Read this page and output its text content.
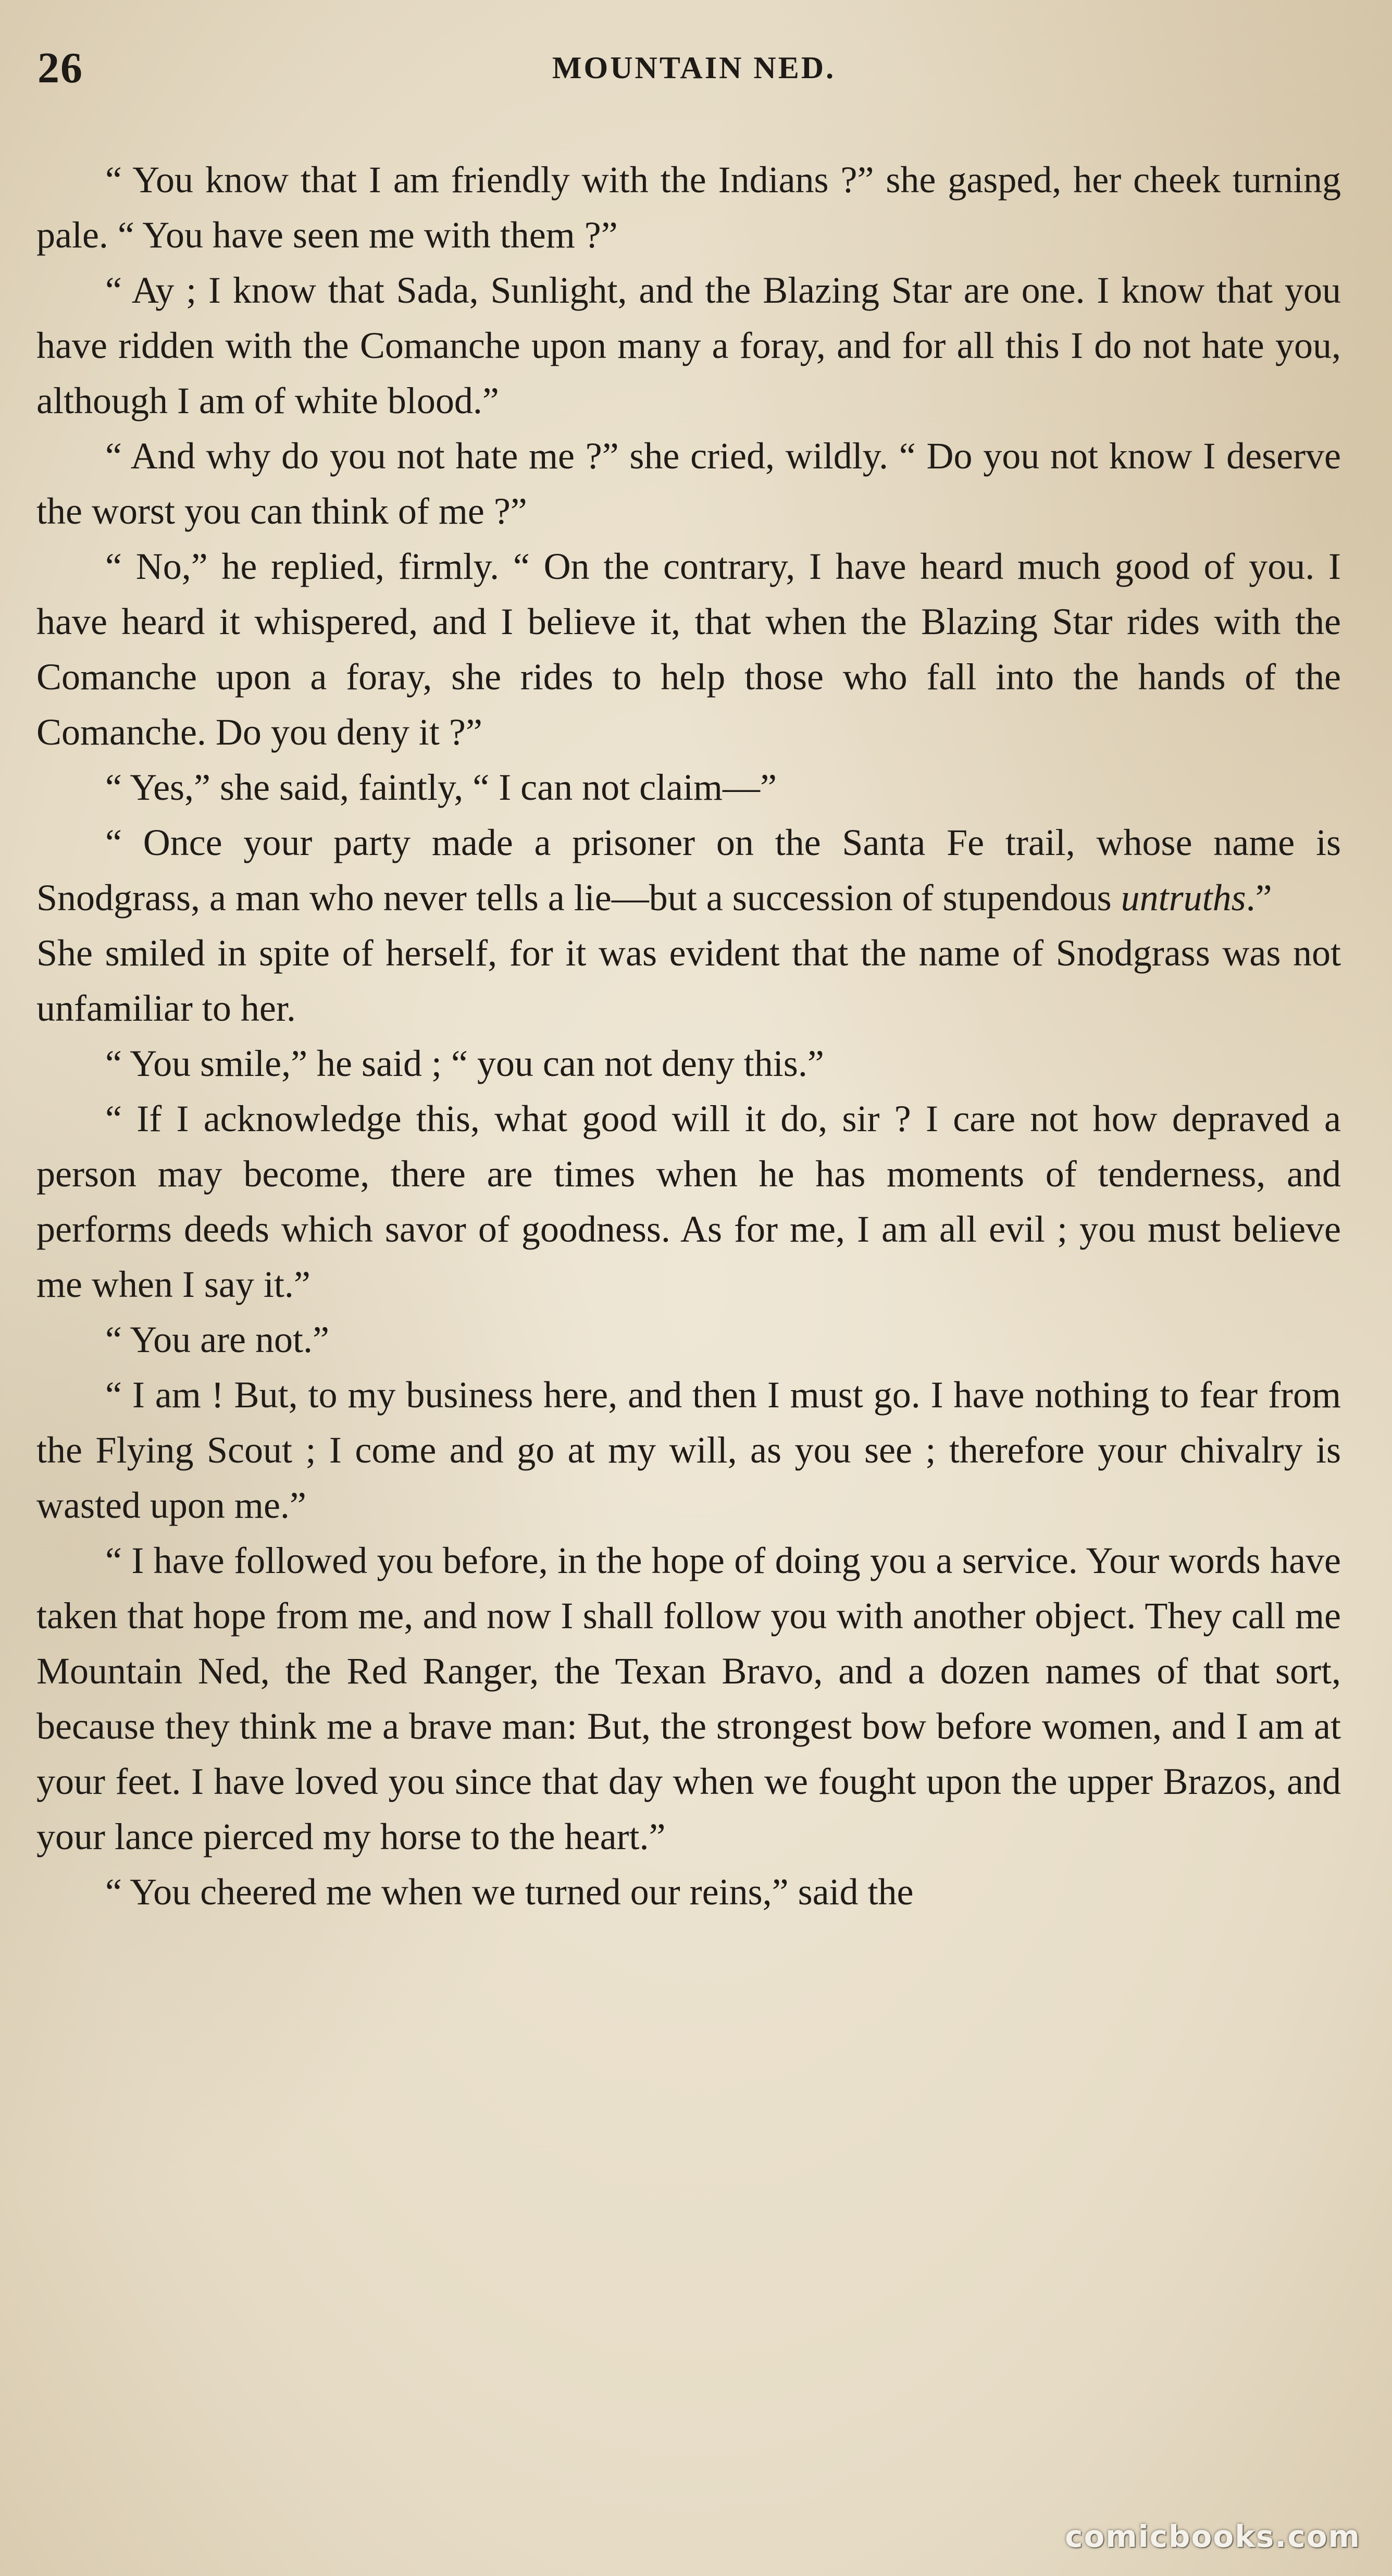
26	MOUNTAIN NED.

“ You know that I am friendly with the Indians ?” she gasped, her cheek turning pale. “ You have seen me with them ?”

“ Ay ; I know that Sada, Sunlight, and the Blazing Star are one. I know that you have ridden with the Comanche upon many a foray, and for all this I do not hate you, although I am of white blood.”

“ And why do you not hate me ?” she cried, wildly. “ Do you not know I deserve the worst you can think of me ?”

“ No,” he replied, firmly. “ On the contrary, I have heard much good of you. I have heard it whispered, and I believe it, that when the Blazing Star rides with the Comanche upon a foray, she rides to help those who fall into the hands of the Comanche. Do you deny it ?”

“ Yes,” she said, faintly, “ I can not claim—”

“ Once your party made a prisoner on the Santa Fe trail, whose name is Snodgrass, a man who never tells a lie—but a succession of stupendous untruths.”

She smiled in spite of herself, for it was evident that the name of Snodgrass was not unfamiliar to her.

“ You smile,” he said ; “ you can not deny this.”

“ If I acknowledge this, what good will it do, sir ? I care not how depraved a person may become, there are times when he has moments of tenderness, and performs deeds which savor of goodness. As for me, I am all evil ; you must believe me when I say it.”

“ You are not.”

“ I am ! But, to my business here, and then I must go. I have nothing to fear from the Flying Scout ; I come and go at my will, as you see ; therefore your chivalry is wasted upon me.”

“ I have followed you before, in the hope of doing you a service. Your words have taken that hope from me, and now I shall follow you with another object. They call me Mountain Ned, the Red Ranger, the Texan Bravo, and a dozen names of that sort, because they think me a brave man: But, the strongest bow before women, and I am at your feet. I have loved you since that day when we fought upon the upper Brazos, and your lance pierced my horse to the heart.”

“ You cheered me when we turned our reins,” said the

comicbooks.com
